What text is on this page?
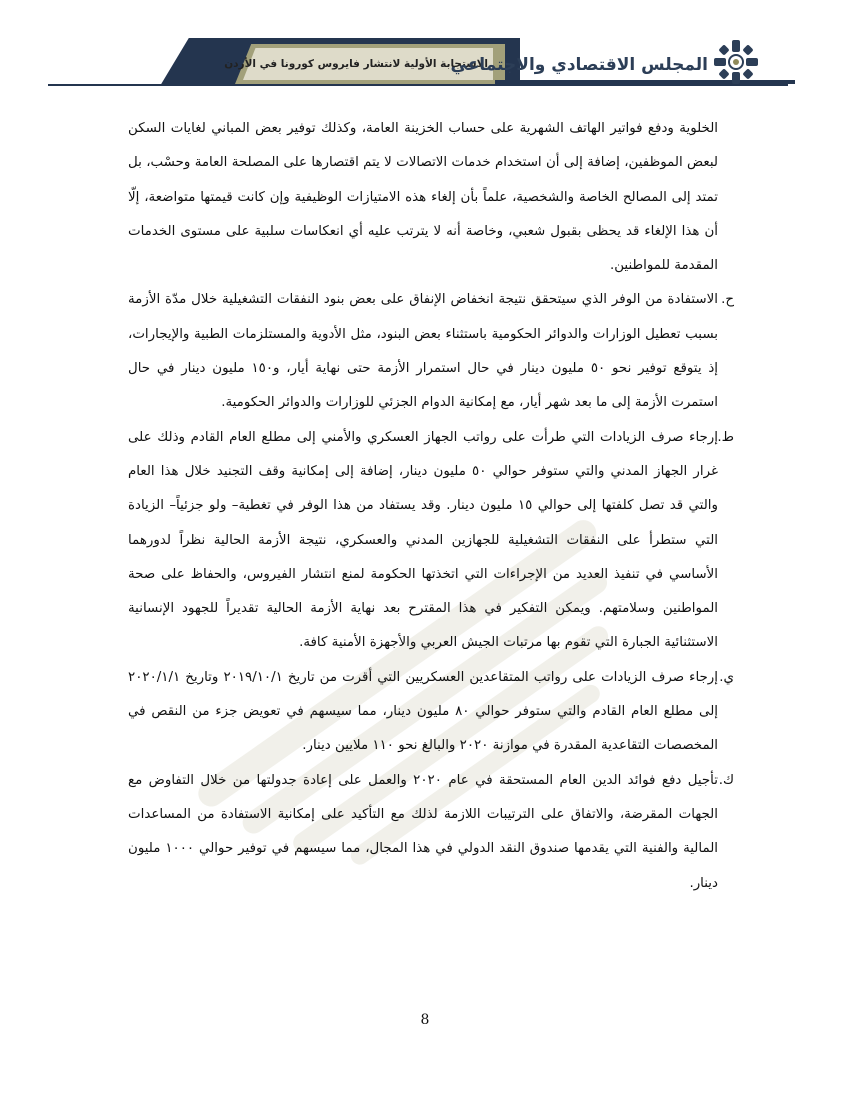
الاستجابة الأولية لانتشار فايروس كورونا في الأردن
المجلس الاقتصادي والاجتماعي

الخلوية ودفع فواتير الهاتف الشهرية على حساب الخزينة العامة، وكذلك توفير بعض المباني لغايات السكن لبعض الموظفين، إضافة إلى أن استخدام خدمات الاتصالات لا يتم اقتصارها على المصلحة العامة وحسْب، بل تمتد إلى المصالح الخاصة والشخصية، علماً بأن إلغاء هذه الامتيازات الوظيفية وإن كانت قيمتها متواضعة، إلّا أن هذا الإلغاء قد يحظى بقبول شعبي، وخاصة أنه لا يترتب عليه أي انعكاسات سلبية على مستوى الخدمات المقدمة للمواطنين.

ح.

الاستفادة من الوفر الذي سيتحقق نتيجة انخفاض الإنفاق على بعض بنود النفقات التشغيلية خلال مدّة الأزمة بسبب تعطيل الوزارات والدوائر الحكومية باستثناء بعض البنود، مثل الأدوية والمستلزمات الطبية والإيجارات، إذ يتوقع توفير نحو ٥٠ مليون دينار في حال استمرار الأزمة حتى نهاية أيار، و١٥٠ مليون دينار في حال استمرت الأزمة إلى ما بعد شهر أيار، مع إمكانية الدوام الجزئي للوزارات والدوائر الحكومية.

ط.

إرجاء صرف الزيادات التي طرأت على رواتب الجهاز العسكري والأمني إلى مطلع العام القادم وذلك على غرار الجهاز المدني والتي ستوفر حوالي ٥٠ مليون دينار، إضافة إلى إمكانية وقف التجنيد خلال هذا العام والتي قد تصل كلفتها إلى حوالي ١٥ مليون دينار. وقد يستفاد من هذا الوفر في تغطية– ولو جزئياً– الزيادة التي ستطرأ على النفقات التشغيلية للجهازين المدني والعسكري، نتيجة الأزمة الحالية نظراً لدورهما الأساسي في تنفيذ العديد من الإجراءات التي اتخذتها الحكومة لمنع انتشار الفيروس، والحفاظ على صحة المواطنين وسلامتهم. ويمكن التفكير في هذا المقترح بعد نهاية الأزمة الحالية تقديراً للجهود الإنسانية الاستثنائية الجبارة التي تقوم بها مرتبات الجيش العربي والأجهزة الأمنية كافة.

ي.

إرجاء صرف الزيادات على رواتب المتقاعدين العسكريين التي أقرت من تاريخ ٢٠١٩/١٠/١ وتاريخ ٢٠٢٠/١/١ إلى مطلع العام القادم والتي ستوفر حوالي ٨٠ مليون دينار، مما سيسهم في تعويض جزء من النقص في المخصصات التقاعدية المقدرة في موازنة ٢٠٢٠ والبالغ نحو ١١٠ ملايين دينار.

ك.

تأجيل دفع فوائد الدين العام المستحقة في عام ٢٠٢٠ والعمل على إعادة جدولتها من خلال التفاوض مع الجهات المقرضة، والاتفاق على الترتيبات اللازمة لذلك مع التأكيد على إمكانية الاستفادة من المساعدات المالية والفنية التي يقدمها صندوق النقد الدولي في هذا المجال، مما سيسهم في توفير حوالي ١٠٠٠ مليون دينار.

8
